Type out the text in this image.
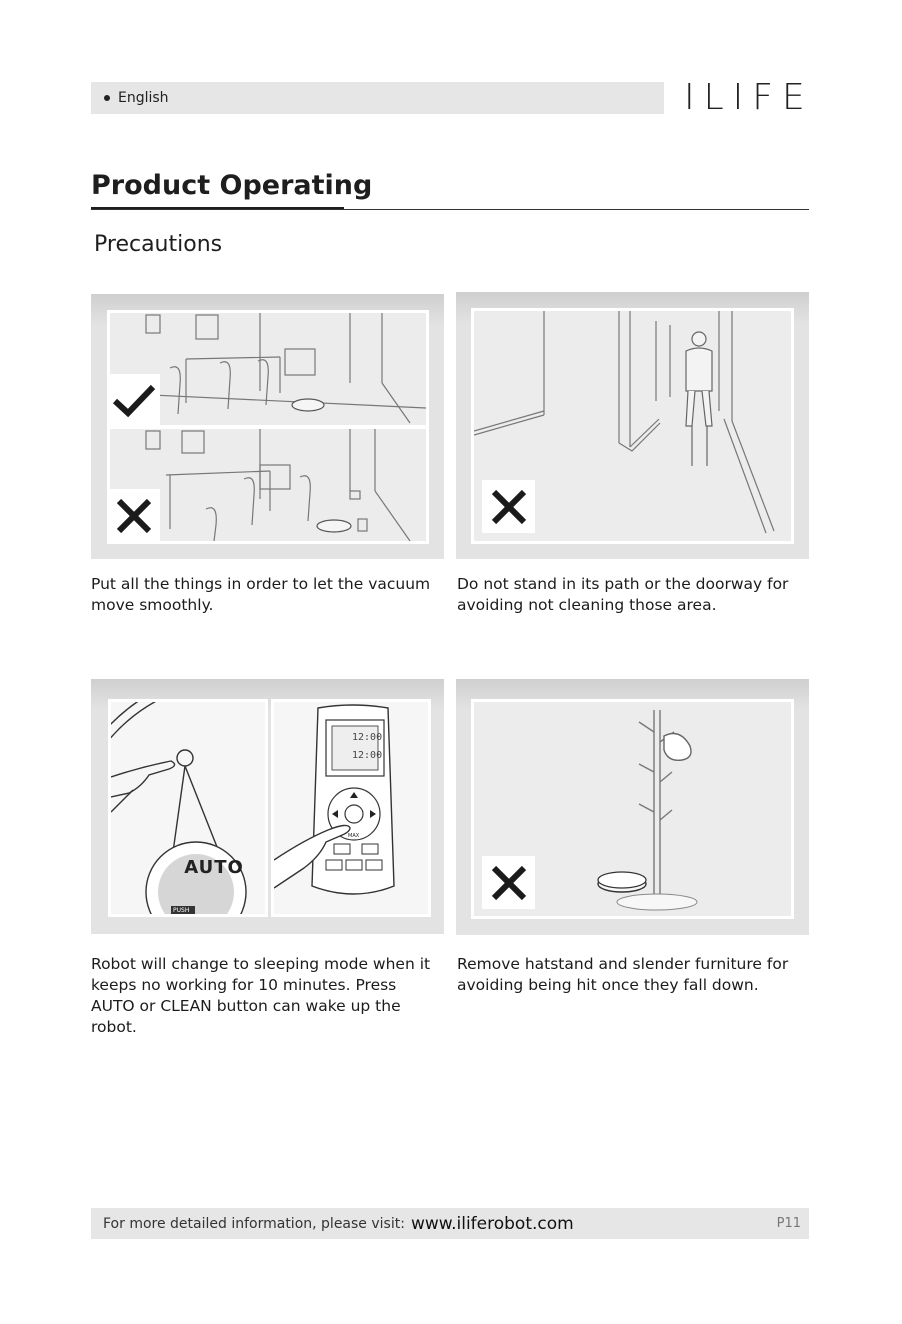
English	ILIFE
Product Operating
Precautions
Put all the things in order to let the vacuum move smoothly.
Do not stand in its path or the doorway for avoiding not cleaning those area.
PUSH
AUTO
12:00
12:00
MAX
Robot will change to sleeping mode when it keeps no working for 10 minutes. Press AUTO or CLEAN button can wake up the robot.
Remove hatstand and slender furniture for avoiding being hit once they fall down.
For more detailed information, please visit: www.iliferobot.com	P11
